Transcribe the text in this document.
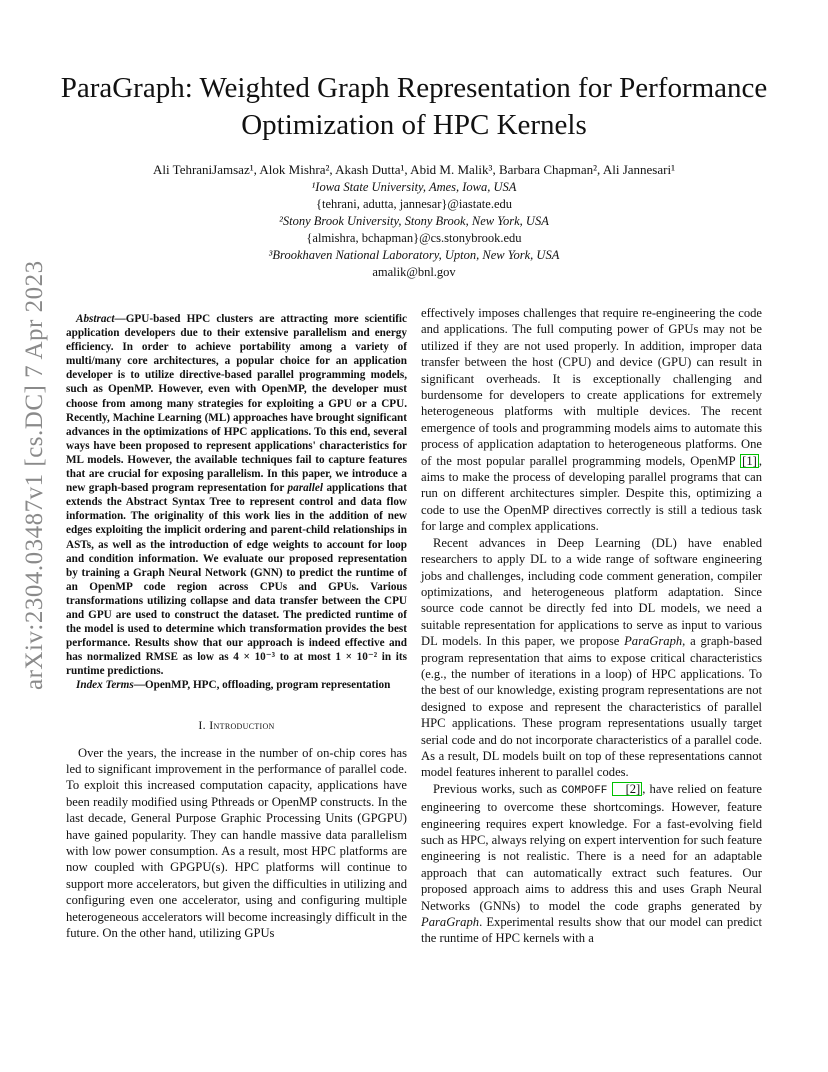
arXiv:2304.03487v1 [cs.DC] 7 Apr 2023
ParaGraph: Weighted Graph Representation for Performance Optimization of HPC Kernels
Ali TehraniJamsaz¹, Alok Mishra², Akash Dutta¹, Abid M. Malik³, Barbara Chapman², Ali Jannesari¹
¹Iowa State University, Ames, Iowa, USA
{tehrani, adutta, jannesar}@iastate.edu
²Stony Brook University, Stony Brook, New York, USA
{almishra, bchapman}@cs.stonybrook.edu
³Brookhaven National Laboratory, Upton, New York, USA
amalik@bnl.gov

Abstract—GPU-based HPC clusters are attracting more scientific application developers due to their extensive parallelism and energy efficiency. In order to achieve portability among a variety of multi/many core architectures, a popular choice for an application developer is to utilize directive-based parallel programming models, such as OpenMP. However, even with OpenMP, the developer must choose from among many strategies for exploiting a GPU or a CPU. Recently, Machine Learning (ML) approaches have brought significant advances in the optimizations of HPC applications. To this end, several ways have been proposed to represent applications' characteristics for ML models. However, the available techniques fail to capture features that are crucial for exposing parallelism. In this paper, we introduce a new graph-based program representation for parallel applications that extends the Abstract Syntax Tree to represent control and data flow information. The originality of this work lies in the addition of new edges exploiting the implicit ordering and parent-child relationships in ASTs, as well as the introduction of edge weights to account for loop and condition information. We evaluate our proposed representation by training a Graph Neural Network (GNN) to predict the runtime of an OpenMP code region across CPUs and GPUs. Various transformations utilizing collapse and data transfer between the CPU and GPU are used to construct the dataset. The predicted runtime of the model is used to determine which transformation provides the best performance. Results show that our approach is indeed effective and has normalized RMSE as low as 4 × 10⁻³ to at most 1 × 10⁻² in its runtime predictions.

Index Terms—OpenMP, HPC, offloading, program representation

I. Introduction

Over the years, the increase in the number of on-chip cores has led to significant improvement in the performance of parallel code. To exploit this increased computation capacity, applications have been readily modified using Pthreads or OpenMP constructs. In the last decade, General Purpose Graphic Processing Units (GPGPU) have gained popularity. They can handle massive data parallelism with low power consumption. As a result, most HPC platforms are now coupled with GPGPU(s). HPC platforms will continue to support more accelerators, but given the difficulties in utilizing and configuring even one accelerator, using and configuring multiple heterogeneous accelerators will become increasingly difficult in the future. On the other hand, utilizing GPUs

effectively imposes challenges that require re-engineering the code and applications. The full computing power of GPUs may not be utilized if they are not used properly. In addition, improper data transfer between the host (CPU) and device (GPU) can result in significant overheads. It is exceptionally challenging and burdensome for developers to create applications for extremely heterogeneous platforms with multiple devices. The recent emergence of tools and programming models aims to automate this process of application adaptation to heterogeneous platforms. One of the most popular parallel programming models, OpenMP [1] , aims to make the process of developing parallel programs that can run on different architectures simpler. Despite this, optimizing a code to use the OpenMP directives correctly is still a tedious task for large and complex applications.

Recent advances in Deep Learning (DL) have enabled researchers to apply DL to a wide range of software engineering jobs and challenges, including code comment generation, compiler optimizations, and heterogeneous platform adaptation. Since source code cannot be directly fed into DL models, we need a suitable representation for applications to serve as input to various DL models. In this paper, we propose ParaGraph, a graph-based program representation that aims to expose critical characteristics (e.g., the number of iterations in a loop) of HPC applications. To the best of our knowledge, existing program representations are not designed to expose and represent the characteristics of parallel HPC applications. These program representations usually target serial code and do not incorporate characteristics of a parallel code. As a result, DL models built on top of these representations cannot model features inherent to parallel codes.

Previous works, such as COMPOFF [2] , have relied on feature engineering to overcome these shortcomings. However, feature engineering requires expert knowledge. For a fast-evolving field such as HPC, always relying on expert intervention for such feature engineering is not realistic. There is a need for an adaptable approach that can automatically extract such features. Our proposed approach aims to address this and uses Graph Neural Networks (GNNs) to model the code graphs generated by ParaGraph. Experimental results show that our model can predict the runtime of HPC kernels with a
